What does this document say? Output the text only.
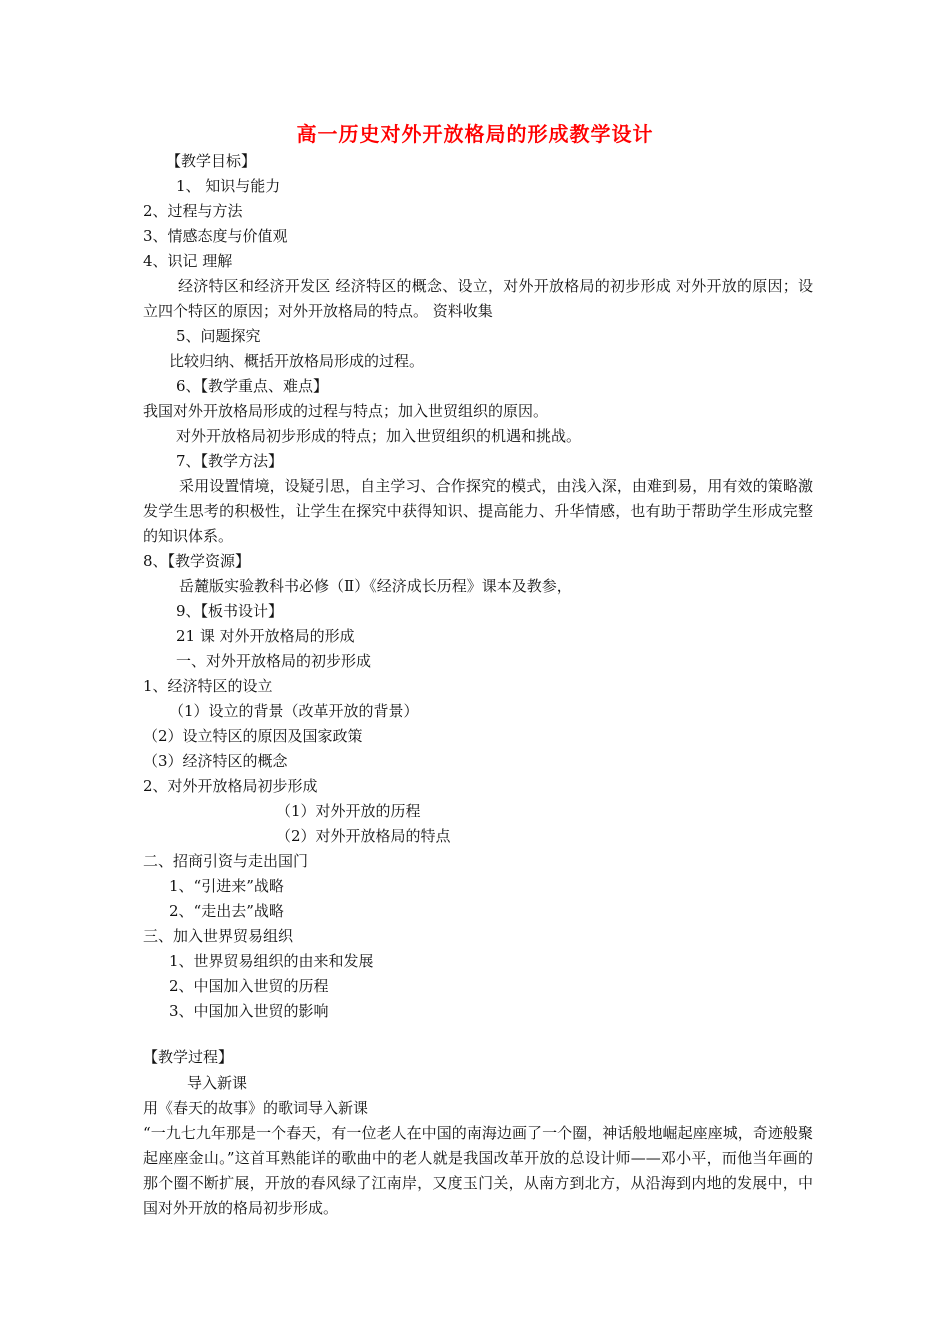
高一历史对外开放格局的形成教学设计
【教学目标】
1、 知识与能力
2、过程与方法
3、情感态度与价值观
4、识记 理解
经济特区和经济开发区 经济特区的概念、设立，对外开放格局的初步形成 对外开放的原因；设立四个特区的原因；对外开放格局的特点。 资料收集
5、问题探究
比较归纳、概括开放格局形成的过程。
6、【教学重点、难点】
我国对外开放格局形成的过程与特点；加入世贸组织的原因。
对外开放格局初步形成的特点；加入世贸组织的机遇和挑战。
7、【教学方法】
采用设置情境，设疑引思，自主学习、合作探究的模式，由浅入深，由难到易，用有效的策略激发学生思考的积极性，让学生在探究中获得知识、提高能力、升华情感，也有助于帮助学生形成完整的知识体系。
8、【教学资源】
岳麓版实验教科书必修（Ⅱ）《经济成长历程》课本及教参，
9、【板书设计】
21 课 对外开放格局的形成
一、对外开放格局的初步形成
1、经济特区的设立
（1）设立的背景（改革开放的背景）
（2）设立特区的原因及国家政策
（3）经济特区的概念
2、对外开放格局初步形成
（1）对外开放的历程
（2）对外开放格局的特点
二、招商引资与走出国门
1、“引进来”战略
2、“走出去”战略
三、加入世界贸易组织
1、世界贸易组织的由来和发展
2、中国加入世贸的历程
3、中国加入世贸的影响
【教学过程】
导入新课
用《春天的故事》的歌词导入新课
“一九七九年那是一个春天，有一位老人在中国的南海边画了一个圈，神话般地崛起座座城，奇迹般聚起座座金山。”这首耳熟能详的歌曲中的老人就是我国改革开放的总设计师——邓小平，而他当年画的那个圈不断扩展，开放的春风绿了江南岸，又度玉门关，从南方到北方，从沿海到内地的发展中，中国对外开放的格局初步形成。
